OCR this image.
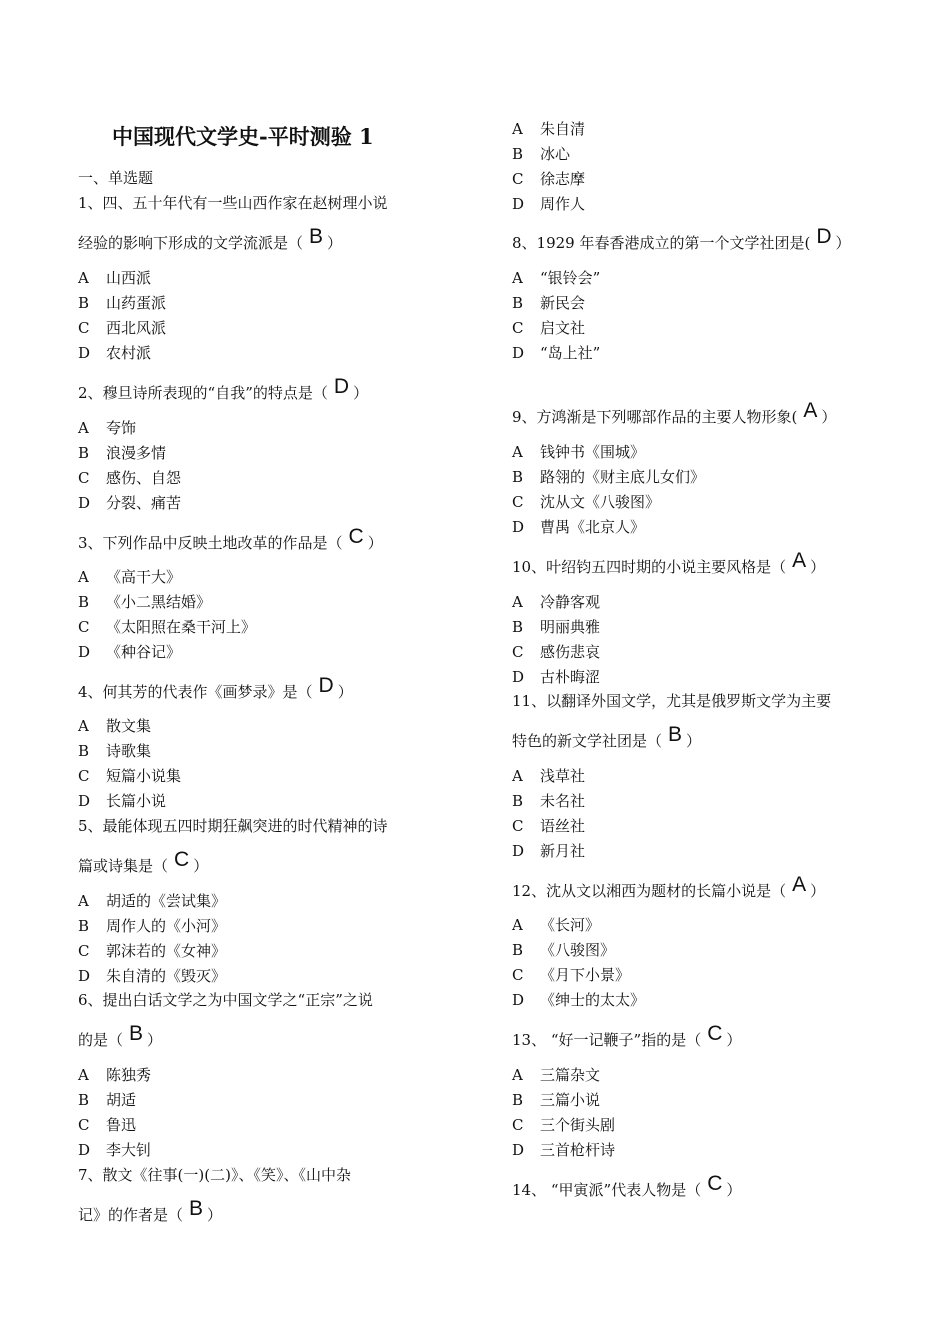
中国现代文学史-平时测验 1
一、单选题
1、四、五十年代有一些山西作家在赵树理小说
经验的影响下形成的文学流派是（ B ）
A 山西派
B 山药蛋派
C 西北风派
D 农村派
2、穆旦诗所表现的“自我”的特点是（ D ）
A 夸饰
B 浪漫多情
C 感伤、自怨
D 分裂、痛苦
3、下列作品中反映土地改革的作品是（ C ）
A 《高干大》
B 《小二黑结婚》
C 《太阳照在桑干河上》
D 《种谷记》
4、何其芳的代表作《画梦录》是（ D ）
A 散文集
B 诗歌集
C 短篇小说集
D 长篇小说
5、最能体现五四时期狂飙突进的时代精神的诗
篇或诗集是（ C ）
A 胡适的《尝试集》
B 周作人的《小河》
C 郭沫若的《女神》
D 朱自清的《毁灭》
6、提出白话文学之为中国文学之“正宗”之说
的是（ B ）
A 陈独秀
B 胡适
C 鲁迅
D 李大钊
7、散文《往事(一)(二)》、《笑》、《山中杂
记》的作者是（ B ）
A 朱自清
B 冰心
C 徐志摩
D 周作人
8、1929 年春香港成立的第一个文学社团是( D ）
A “银铃会”
B 新民会
C 启文社
D “岛上社”
9、方鸿渐是下列哪部作品的主要人物形象( A ）
A 钱钟书《围城》
B 路翎的《财主底儿女们》
C 沈从文《八骏图》
D 曹禺《北京人》
10、叶绍钧五四时期的小说主要风格是（ A ）
A 冷静客观
B 明丽典雅
C 感伤悲哀
D 古朴晦涩
11、以翻译外国文学，尤其是俄罗斯文学为主要
特色的新文学社团是（ B ）
A 浅草社
B 未名社
C 语丝社
D 新月社
12、沈从文以湘西为题材的长篇小说是（ A ）
A 《长河》
B 《八骏图》
C 《月下小景》
D 《绅士的太太》
13、 “好一记鞭子”指的是（ C ）
A 三篇杂文
B 三篇小说
C 三个街头剧
D 三首枪杆诗
14、 “甲寅派”代表人物是（ C ）
